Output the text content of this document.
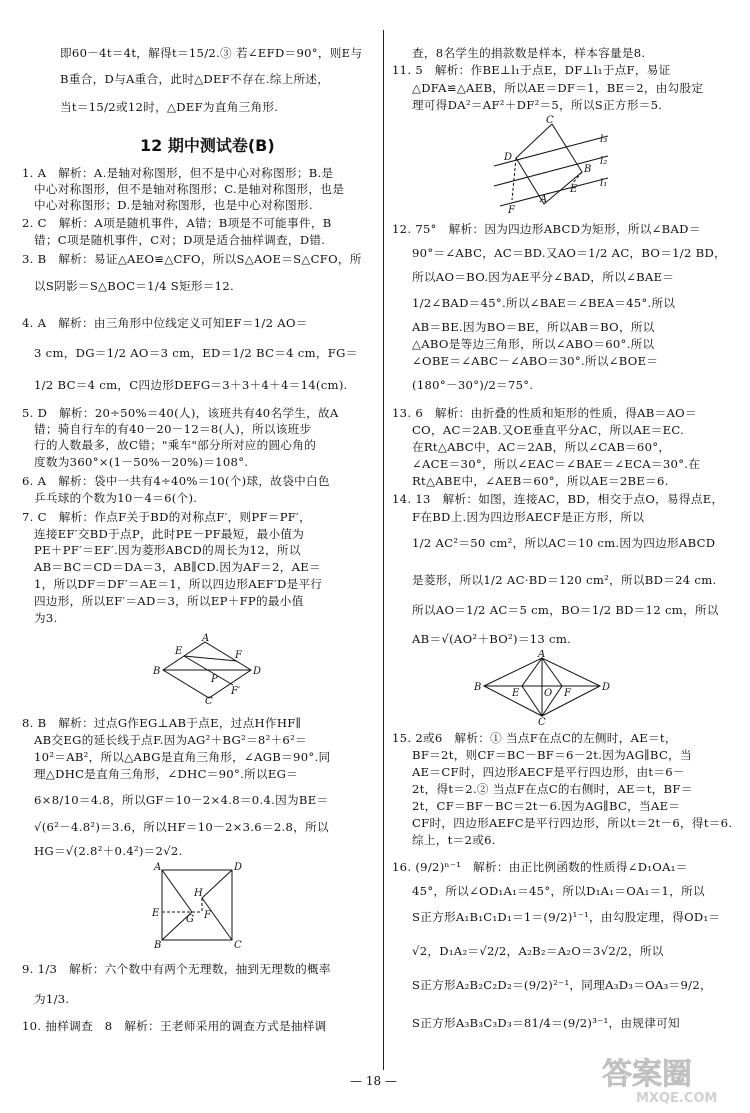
即60－4t＝4t，解得t＝15/2.③ 若∠EFD＝90°，则E与
B重合，D与A重合，此时△DEF不存在.综上所述，
当t＝15/2或12时，△DEF为直角三角形.
12 期中测试卷(B)
1. A　解析：A.是轴对称图形，但不是中心对称图形；B.是
中心对称图形，但不是轴对称图形；C.是轴对称图形，也是
中心对称图形；D.是轴对称图形，也是中心对称图形.
2. C　解析：A项是随机事件，A错；B项是不可能事件，B
错；C项是随机事件，C对；D项是适合抽样调查，D错.
3. B　解析：易证△AEO≌△CFO，所以S△AOE＝S△CFO，所
以S阴影＝S△BOC＝1/4 S矩形＝12.
4. A　解析：由三角形中位线定义可知EF＝1/2 AO＝
3 cm，DG＝1/2 AO＝3 cm，ED＝1/2 BC＝4 cm，FG＝
1/2 BC＝4 cm，C四边形DEFG＝3＋3＋4＋4＝14(cm).
5. D　解析：20÷50%＝40(人)，该班共有40名学生，故A
错；骑自行车的有40－20－12＝8(人)，所以该班步
行的人数最多，故C错；"乘车"部分所对应的圆心角的
度数为360°×(1－50%－20%)＝108°.
6. A　解析：袋中一共有4÷40%＝10(个)球，故袋中白色
乒乓球的个数为10－4＝6(个).
7. C　解析：作点F关于BD的对称点F′，则PF＝PF′，
连接EF′交BD于点P，此时PE－PF最短，最小值为
PE＋PF′＝EF′.因为菱形ABCD的周长为12，所以
AB＝BC＝CD＝DA＝3，AB∥CD.因为AF＝2，AE＝
1，所以DF＝DF′＝AE＝1，所以四边形AEF′D是平行
四边形，所以EF′＝AD＝3，所以EP＋FP的最小值
为3.
A
B
C
D
E	F
P
F′
8. B　解析：过点G作EG⊥AB于点E，过点H作HF∥
AB交EG的延长线于点F.因为AG²＋BG²＝8²＋6²＝
10²＝AB²，所以△ABG是直角三角形，∠AGB＝90°.同
理△DHC是直角三角形，∠DHC＝90°.所以EG＝
6×8/10＝4.8，所以GF＝10－2×4.8＝0.4.因为BE＝
√(6²－4.8²)＝3.6，所以HF＝10－2×3.6＝2.8，所以
HG＝√(2.8²＋0.4²)＝2√2.
A
B	C
D
E	F
G
H
9. 1/3　解析：六个数中有两个无理数，抽到无理数的概率
为1/3.
10. 抽样调查　8　解析：王老师采用的调查方式是抽样调
查，8名学生的捐款数是样本，样本容量是8.
11. 5　解析：作BE⊥l₁于点E，DF⊥l₁于点F，易证
△DFA≌△AEB，所以AE＝DF＝1，BE＝2，由勾股定
理可得DA²＝AF²＋DF²＝5，所以S正方形＝5.
A
B
C
D
E
F
l₁
l₂
l₃
12. 75°　解析：因为四边形ABCD为矩形，所以∠BAD＝
90°＝∠ABC，AC＝BD.又AO＝1/2 AC，BO＝1/2 BD，
所以AO＝BO.因为AE平分∠BAD，所以∠BAE＝
1/2∠BAD＝45°.所以∠BAE＝∠BEA＝45°.所以
AB＝BE.因为BO＝BE，所以AB＝BO，所以
△ABO是等边三角形，所以∠ABO＝60°.所以
∠OBE＝∠ABC－∠ABO＝30°.所以∠BOE＝
(180°－30°)/2＝75°.
13. 6　解析：由折叠的性质和矩形的性质，得AB＝AO＝
CO，AC＝2AB.又OE垂直平分AC，所以AE＝EC.
在Rt△ABC中，AC＝2AB，所以∠CAB＝60°，
∠ACE＝30°，所以∠EAC＝∠BAE＝∠ECA＝30°.在
Rt△ABE中，∠AEB＝60°，所以AE＝2BE＝6.
14. 13　解析：如图，连接AC，BD，相交于点O，易得点E，
F在BD上.因为四边形AECF是正方形，所以
1/2 AC²＝50 cm²，所以AC＝10 cm.因为四边形ABCD
是菱形，所以1/2 AC·BD＝120 cm²，所以BD＝24 cm.
所以AO＝1/2 AC＝5 cm，BO＝1/2 BD＝12 cm，所以
AB＝√(AO²＋BO²)＝13 cm.
A
B
C
D
E	F
O
15. 2或6　解析：① 当点F在点C的左侧时，AE＝t，
BF＝2t，则CF＝BC－BF＝6－2t.因为AG∥BC，当
AE＝CF时，四边形AECF是平行四边形，由t＝6－
2t，得t＝2.② 当点F在点C的右侧时，AE＝t，BF＝
2t，CF＝BF－BC＝2t－6.因为AG∥BC，当AE＝
CF时，四边形AEFC是平行四边形，所以t＝2t－6，得t＝6.
综上，t＝2或6.
16. (9/2)ⁿ⁻¹　解析：由正比例函数的性质得∠D₁OA₁＝
45°，所以∠OD₁A₁＝45°，所以D₁A₁＝OA₁＝1，所以
S正方形A₁B₁C₁D₁＝1＝(9/2)¹⁻¹，由勾股定理，得OD₁＝
√2，D₁A₂＝√2/2，A₂B₂＝A₂O＝3√2/2，所以
S正方形A₂B₂C₂D₂＝(9/2)²⁻¹，同理A₃D₃＝OA₃＝9/2，
S正方形A₃B₃C₃D₃＝81/4＝(9/2)³⁻¹，由规律可知
— 18 —	答案圈
MXQE.COM
